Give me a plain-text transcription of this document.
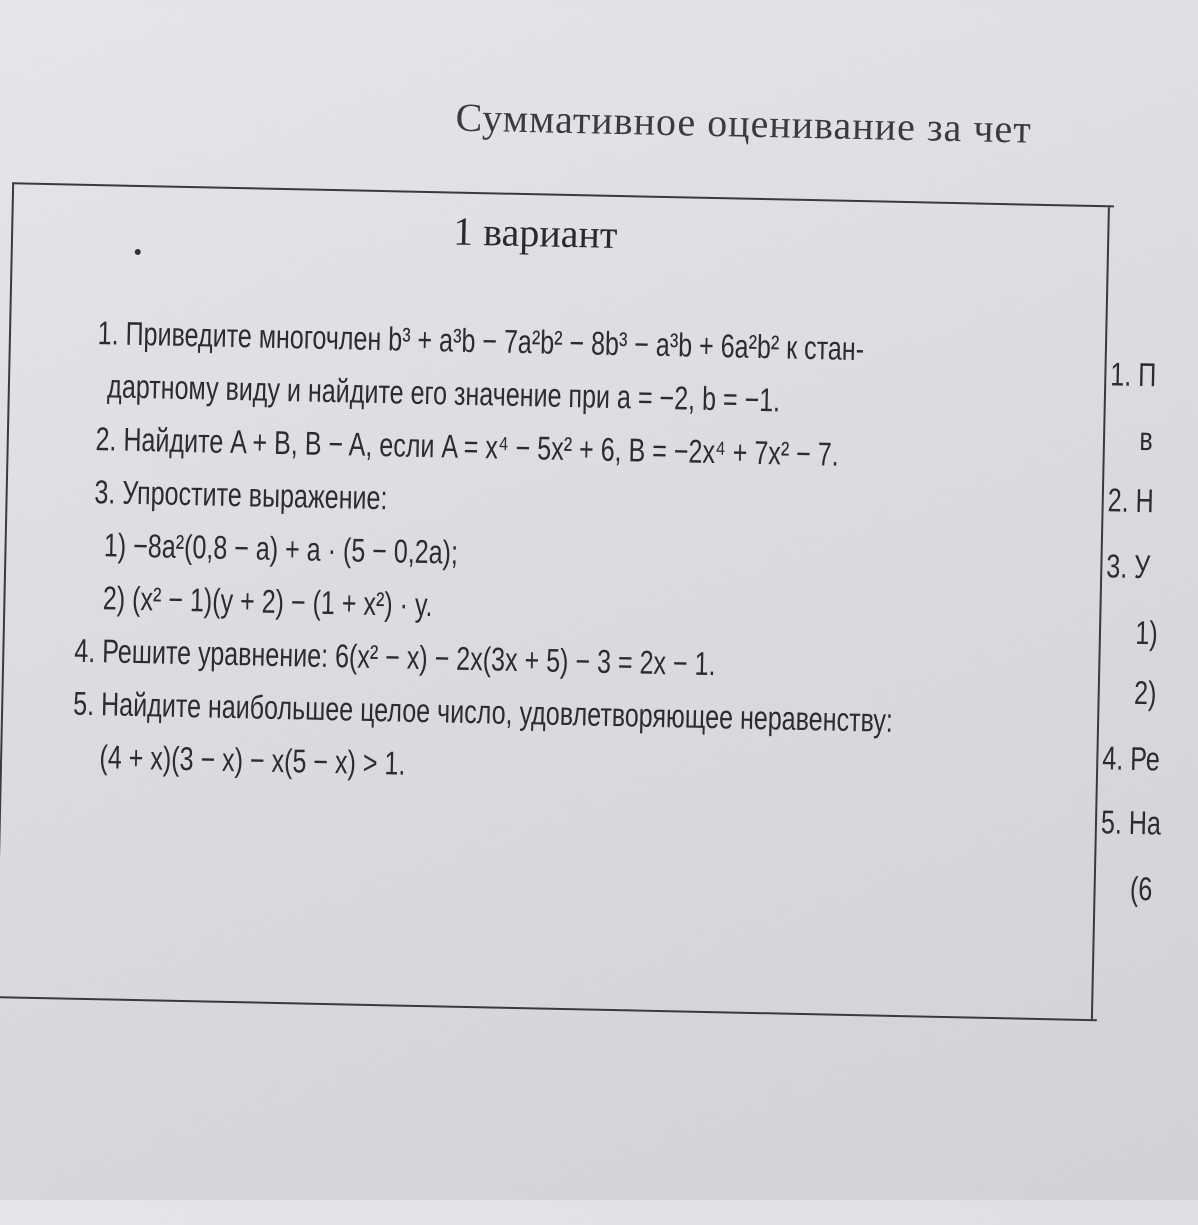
Суммативное оценивание за чет
1 вариант

1. Приведите многочлен b³ + a³b − 7a²b² − 8b³ − a³b + 6a²b² к стан-

дартному виду и найдите его значение при a = −2, b = −1.

2. Найдите A + B, B − A, если A = x⁴ − 5x² + 6, B = −2x⁴ + 7x² − 7.

3. Упростите выражение:

1) −8a²(0,8 − a) + a · (5 − 0,2a);

2) (x² − 1)(y + 2) − (1 + x²) · y.

4. Решите уравнение: 6(x² − x) − 2x(3x + 5) − 3 = 2x − 1.

5. Найдите наибольшее целое число, удовлетворяющее неравенству:

(4 + x)(3 − x) − x(5 − x) > 1.

1. П
в
2. Н
3. У
1)
2)
4. Ре
5. На
(6
